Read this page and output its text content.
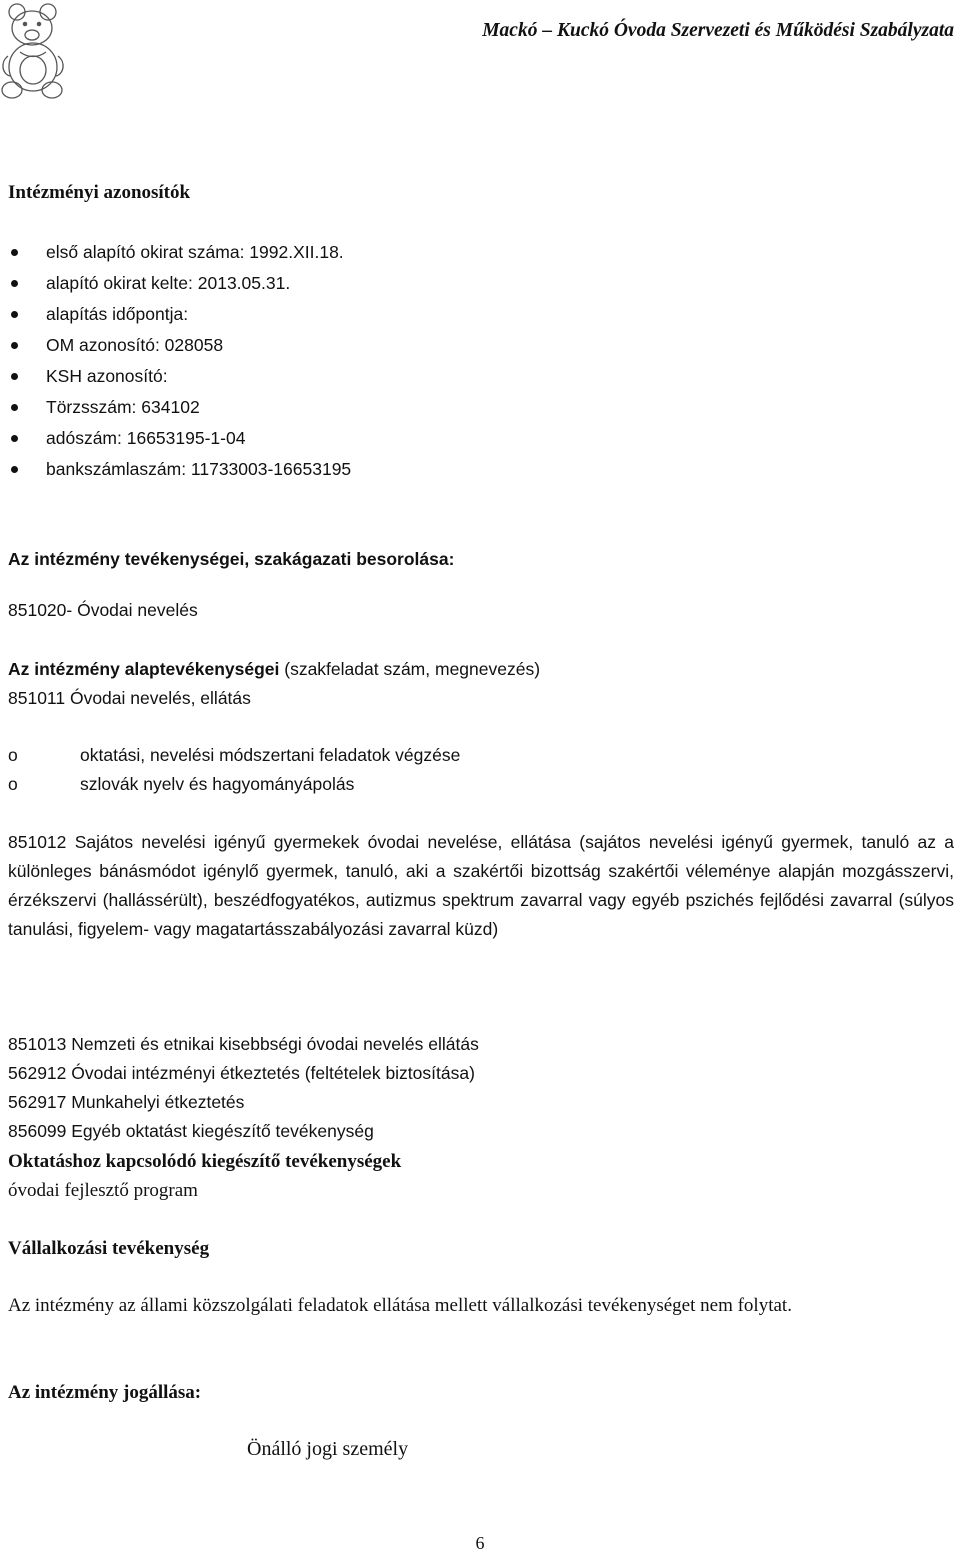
Mackó – Kuckó Óvoda Szervezeti és Működési Szabályzata
Intézményi azonosítók
első alapító okirat száma: 1992.XII.18.
alapító okirat kelte: 2013.05.31.
alapítás időpontja:
OM azonosító: 028058
KSH azonosító:
Törzsszám: 634102
adószám: 16653195-1-04
bankszámlaszám: 11733003-16653195
Az intézmény tevékenységei, szakágazati besorolása:
851020- Óvodai nevelés
Az intézmény alaptevékenységei (szakfeladat szám, megnevezés)
851011 Óvodai nevelés, ellátás
o	oktatási, nevelési módszertani feladatok végzése
o	szlovák nyelv és hagyományápolás
851012 Sajátos nevelési igényű gyermekek óvodai nevelése, ellátása (sajátos nevelési igényű gyermek, tanuló az a különleges bánásmódot igénylő gyermek, tanuló, aki a szakértői bizottság szakértői véleménye alapján mozgásszervi, érzékszervi (hallássérült), beszédfogyatékos, autizmus spektrum zavarral vagy egyéb pszichés fejlődési zavarral (súlyos tanulási, figyelem- vagy magatartásszabályozási zavarral küzd)
851013 Nemzeti és etnikai kisebbségi óvodai nevelés ellátás
562912 Óvodai intézményi étkeztetés (feltételek biztosítása)
562917 Munkahelyi étkeztetés
856099 Egyéb oktatást kiegészítő tevékenység
Oktatáshoz kapcsolódó kiegészítő tevékenységek
óvodai fejlesztő program
Vállalkozási tevékenység
Az intézmény az állami közszolgálati feladatok ellátása mellett vállalkozási tevékenységet nem folytat.
Az intézmény jogállása:
Önálló jogi személy
6
